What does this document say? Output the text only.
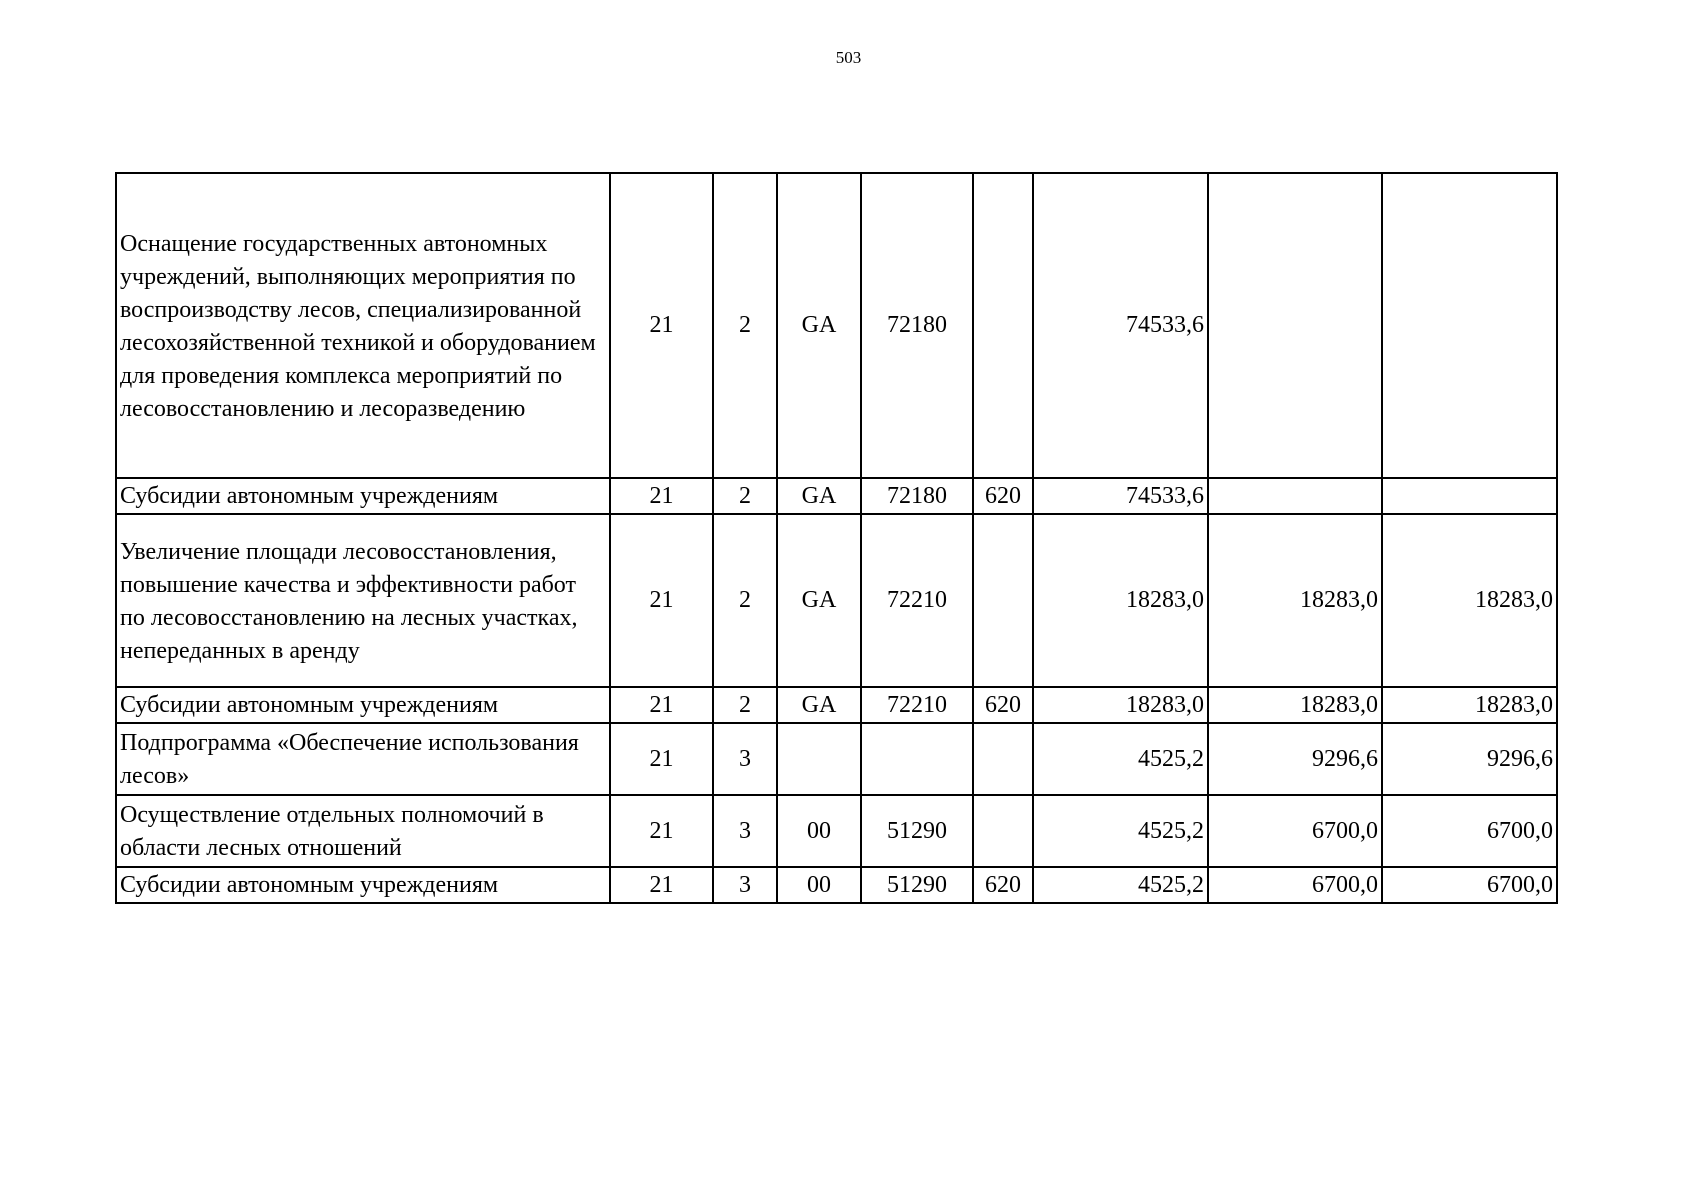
503
Оснащение государственных автономных учреждений, выполняющих мероприятия по воспроизводству лесов, специализированной лесохозяйственной техникой и оборудованием для проведения комплекса мероприятий по лесовосстановлению и лесоразведению	21	2	GA	72180		74533,6		
Субсидии автономным учреждениям	21	2	GA	72180	620	74533,6		
Увеличение площади лесовосстановления, повышение качества и эффективности работ по лесовосстановлению на лесных участках, непереданных в аренду	21	2	GA	72210		18283,0	18283,0	18283,0
Субсидии автономным учреждениям	21	2	GA	72210	620	18283,0	18283,0	18283,0
Подпрограмма «Обеспечение использования лесов»	21	3				4525,2	9296,6	9296,6
Осуществление отдельных полномочий в области лесных отношений	21	3	00	51290		4525,2	6700,0	6700,0
Субсидии автономным учреждениям	21	3	00	51290	620	4525,2	6700,0	6700,0
